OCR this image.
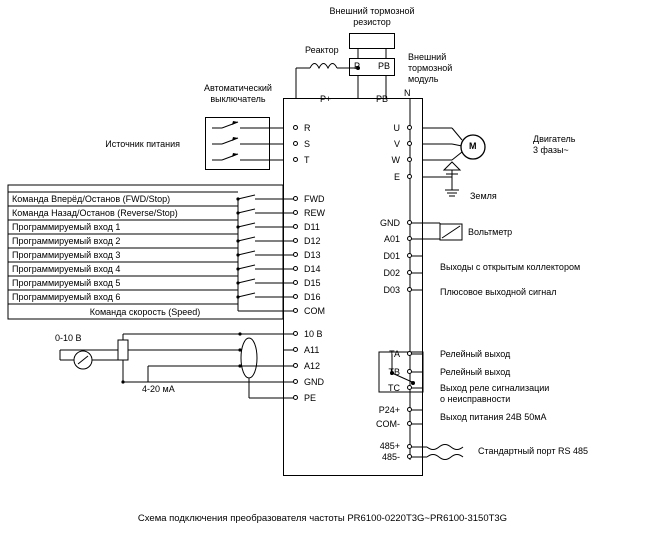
Внешний тормозной
резистор
Реактор
Внешний
тормозной
модуль
P PB
P+	PB
N
Автоматический
выключатель
Источник питания
R
S
T
U
V
W
E
FWD
REW
D11
D12
D13
D14
D15
D16
COM
10 В
A11
A12
GND
PE
GND
A01
D01
D02
D03
TA
TB
TC
P24+
COM-
485+
485-
Команда Вперёд/Останов (FWD/Stop)
Команда Назад/Останов (Reverse/Stop)
Программируемый вход 1
Программируемый вход 2
Программируемый вход 3
Программируемый вход 4
Программируемый вход 5
Программируемый вход 6
Команда скорость (Speed)
0-10 В
4-20 мА
Двигатель
3 фазы~
M
Земля
Вольтметр
Выходы с открытым коллектором
Плюсовое выходной сигнал
Релейный выход
Релейный выход
Выход реле сигнализации
о неисправности
Выход питания 24В 50мА
Стандартный порт RS 485
Схема подключения преобразователя частоты PR6100-0220T3G~PR6100-3150T3G
